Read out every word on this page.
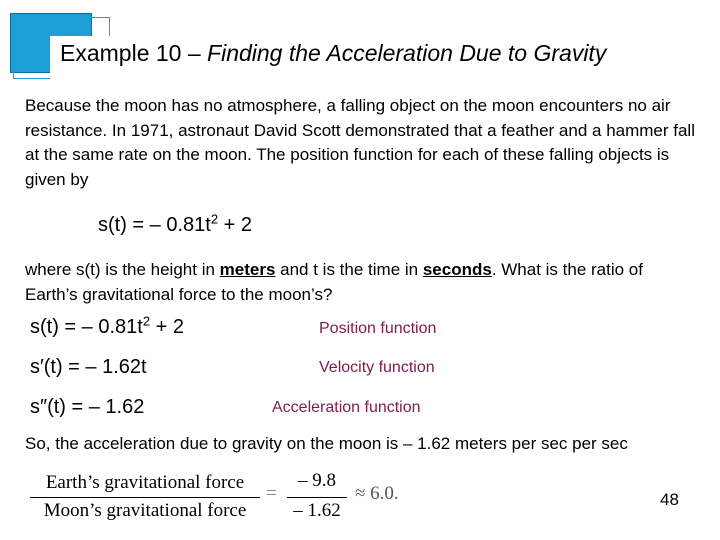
Example 10 – Finding the Acceleration Due to Gravity
Because the moon has no atmosphere, a falling object on the moon encounters no air resistance. In 1971, astronaut David Scott demonstrated that a feather and a hammer fall at the same rate on the moon. The position function for each of these falling objects is given by
s(t) = – $0.81t^2 + 2$
where s(t) is the height in meters and t is the time in seconds. What is the ratio of Earth’s gravitational force to the moon’s?
s(t) = – $0.81t^2 + 2$	Position function
s′(t) = – 1.62t	Velocity function
s″(t) = – 1.62	Acceleration function
So, the acceleration due to gravity on the moon is – 1.62 meters per sec per sec
Earth’s gravitational force
Moon’s gravitational force
=
– 9.8
– 1.62
≈ 6.0.	48
